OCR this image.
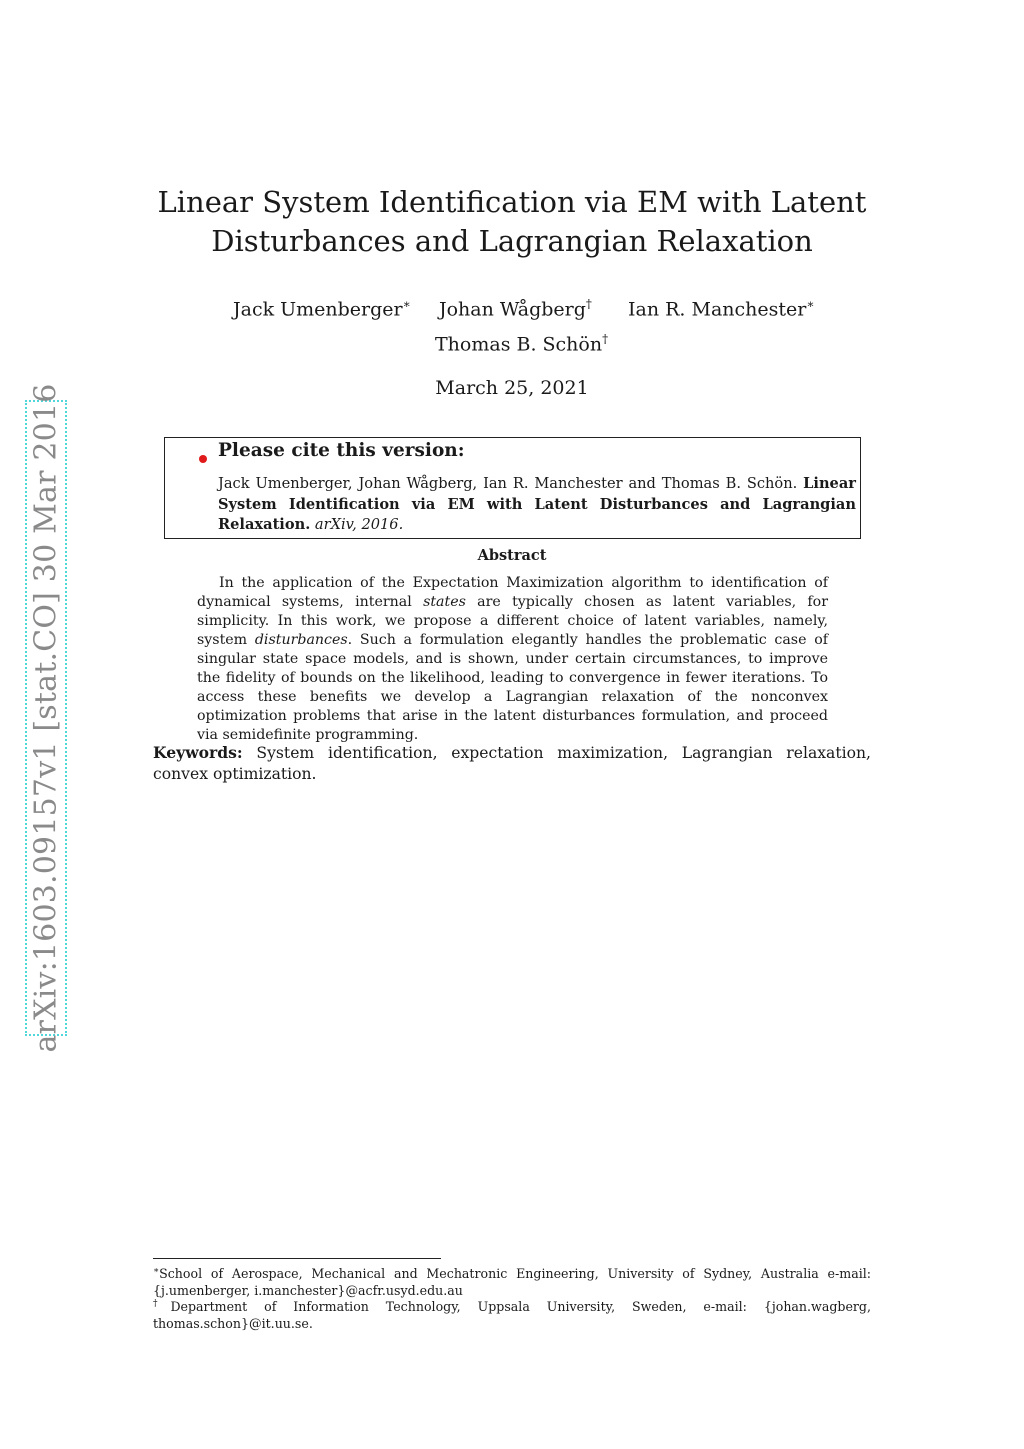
arXiv:1603.09157v1 [stat.CO] 30 Mar 2016
Linear System Identification via EM with Latent
Disturbances and Lagrangian Relaxation
Jack Umenberger∗ Johan Wågberg† Ian R. Manchester∗
Thomas B. Schön†
March 25, 2021
Please cite this version:
Jack Umenberger, Johan Wågberg, Ian R. Manchester and Thomas B. Schön. Linear System Identification via EM with Latent Disturbances and Lagrangian Relaxation. arXiv, 2016.
Abstract
In the application of the Expectation Maximization algorithm to identification of dynamical systems, internal states are typically chosen as latent variables, for simplicity. In this work, we propose a different choice of latent variables, namely, system disturbances. Such a formulation elegantly handles the problematic case of singular state space models, and is shown, under certain circumstances, to improve the fidelity of bounds on the likelihood, leading to convergence in fewer iterations. To access these benefits we develop a Lagrangian relaxation of the nonconvex optimization problems that arise in the latent disturbances formulation, and proceed via semidefinite programming.
Keywords: System identification, expectation maximization, Lagrangian relaxation, convex optimization.
∗School of Aerospace, Mechanical and Mechatronic Engineering, University of Sydney, Australia e-mail: {j.umenberger, i.manchester}@acfr.usyd.edu.au
†Department of Information Technology, Uppsala University, Sweden, e-mail: {johan.wagberg, thomas.schon}@it.uu.se.
